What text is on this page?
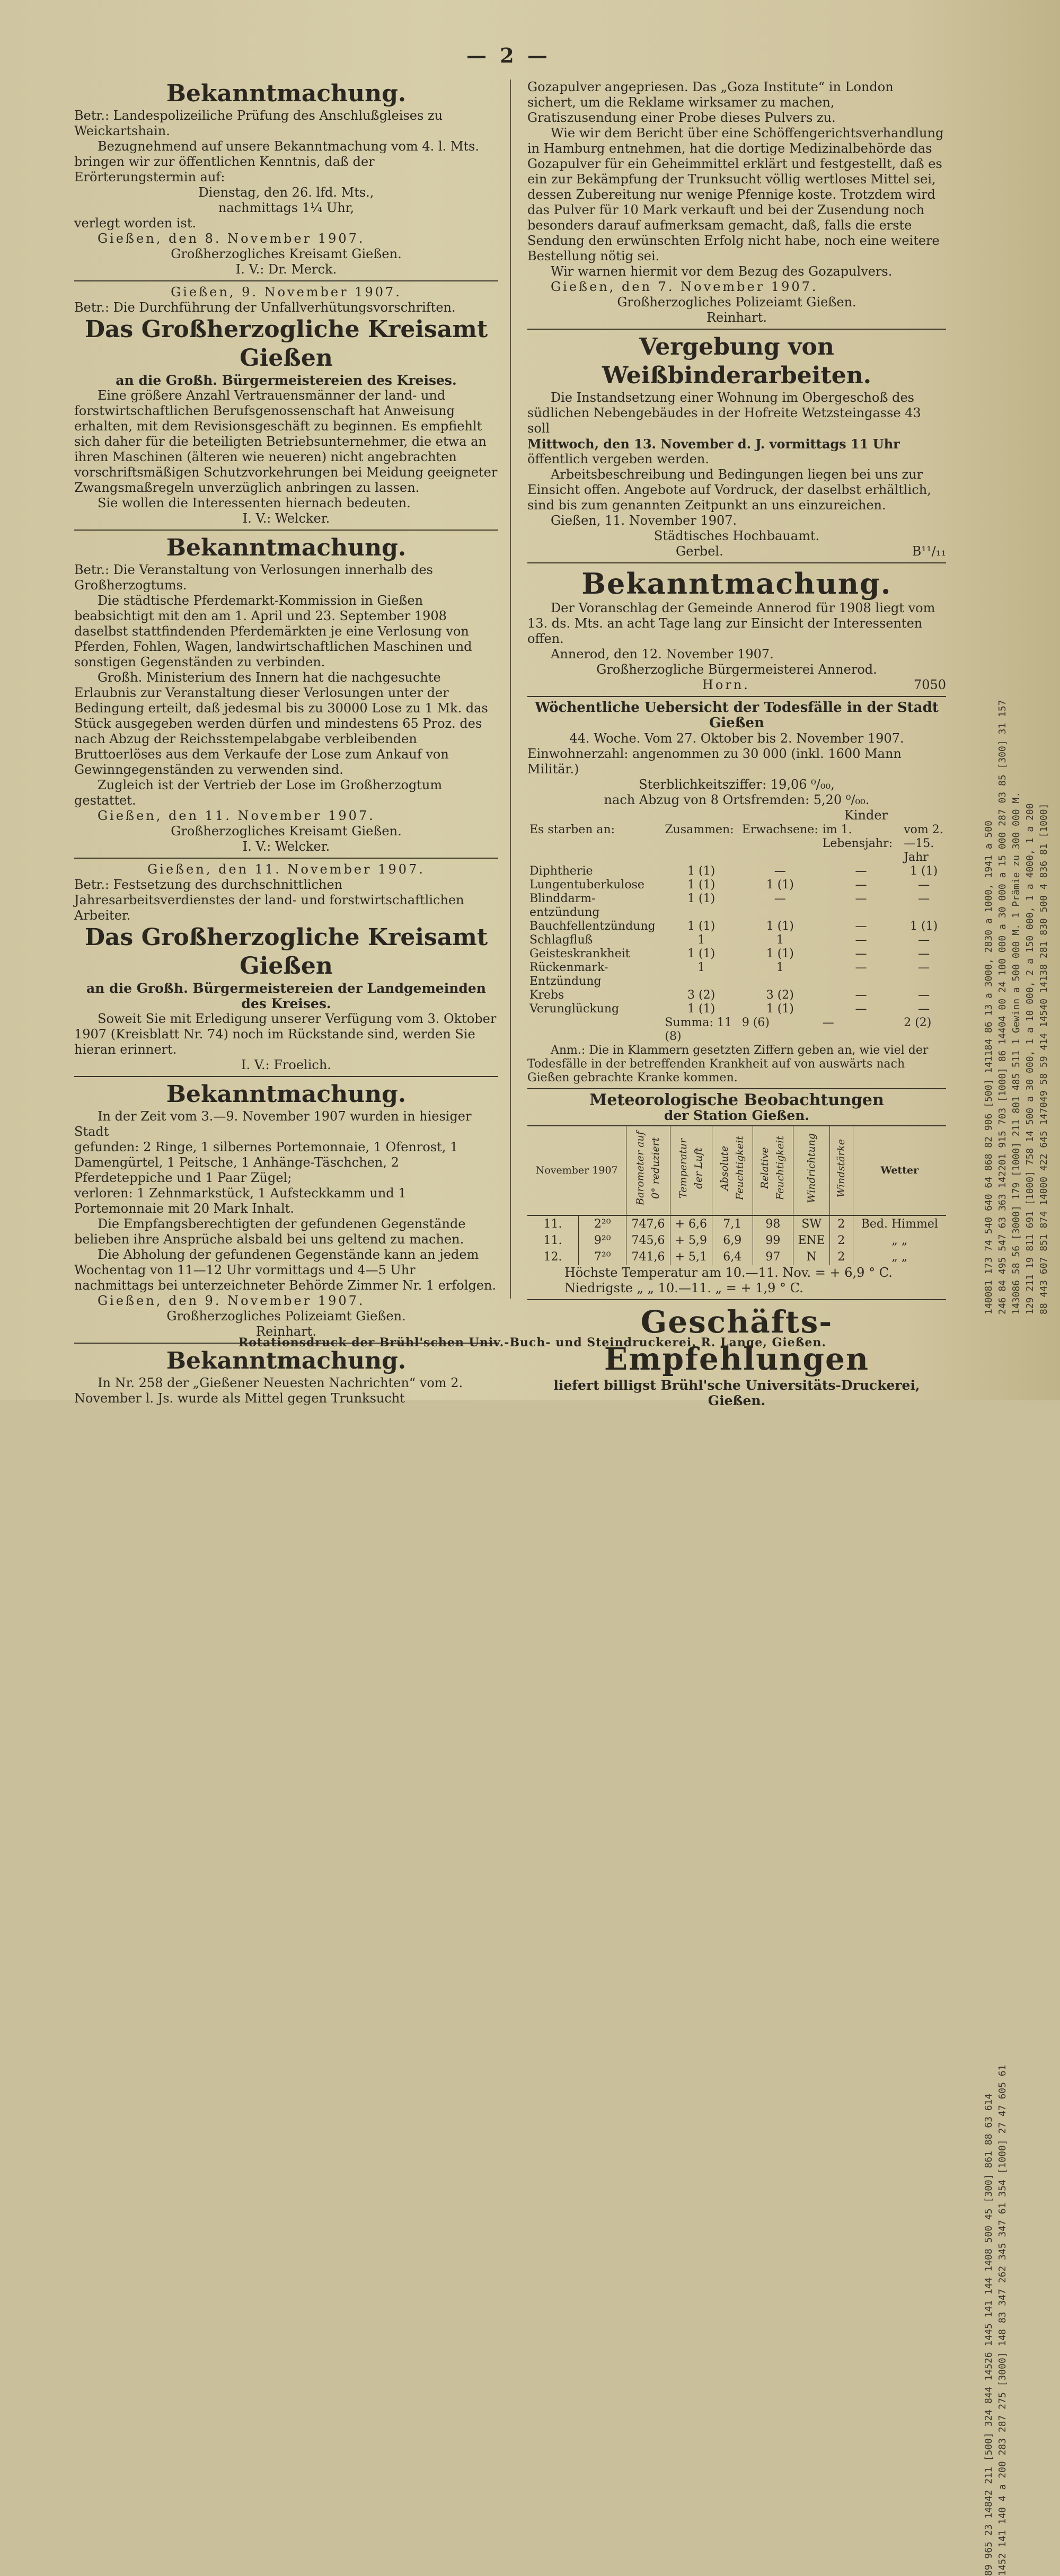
— 2 —
Bekanntmachung.

Betr.: Landespolizeiliche Prüfung des Anschlußgleises zu Weickartshain.

Bezugnehmend auf unsere Bekanntmachung vom 4. l. Mts. bringen wir zur öffentlichen Kenntnis, daß der Erörterungstermin auf:

Dienstag, den 26. lfd. Mts.,

nachmittags 1¼ Uhr,

verlegt worden ist.

Gießen, den 8. November 1907.

Großherzogliches Kreisamt Gießen.

I. V.: Dr. Merck.

Gießen, 9. November 1907.

Betr.: Die Durchführung der Unfallverhütungsvorschriften.

Das Großherzogliche Kreisamt Gießen
an die Großh. Bürgermeistereien des Kreises.

Eine größere Anzahl Vertrauensmänner der land- und forstwirtschaftlichen Berufsgenossenschaft hat Anweisung erhalten, mit dem Revisionsgeschäft zu beginnen. Es empfiehlt sich daher für die beteiligten Betriebsunternehmer, die etwa an ihren Maschinen (älteren wie neueren) nicht angebrachten vorschriftsmäßigen Schutzvorkehrungen bei Meidung geeigneter Zwangsmaßregeln unverzüglich anbringen zu lassen.

Sie wollen die Interessenten hiernach bedeuten.

I. V.: Welcker.

Bekanntmachung.

Betr.: Die Veranstaltung von Verlosungen innerhalb des Großherzogtums.

Die städtische Pferdemarkt-Kommission in Gießen beabsichtigt mit den am 1. April und 23. September 1908 daselbst stattfindenden Pferdemärkten je eine Verlosung von Pferden, Fohlen, Wagen, landwirtschaftlichen Maschinen und sonstigen Gegenständen zu verbinden.

Großh. Ministerium des Innern hat die nachgesuchte Erlaubnis zur Veranstaltung dieser Verlosungen unter der Bedingung erteilt, daß jedesmal bis zu 30000 Lose zu 1 Mk. das Stück ausgegeben werden dürfen und mindestens 65 Proz. des nach Abzug der Reichsstempelabgabe verbleibenden Bruttoerlöses aus dem Verkaufe der Lose zum Ankauf von Gewinngegenständen zu verwenden sind.

Zugleich ist der Vertrieb der Lose im Großherzogtum gestattet.

Gießen, den 11. November 1907.

Großherzogliches Kreisamt Gießen.

I. V.: Welcker.

Gießen, den 11. November 1907.

Betr.: Festsetzung des durchschnittlichen Jahresarbeitsverdienstes der land- und forstwirtschaftlichen Arbeiter.

Das Großherzogliche Kreisamt Gießen
an die Großh. Bürgermeistereien der Landgemeinden des Kreises.

Soweit Sie mit Erledigung unserer Verfügung vom 3. Oktober 1907 (Kreisblatt Nr. 74) noch im Rückstande sind, werden Sie hieran erinnert.

I. V.: Froelich.

Bekanntmachung.

In der Zeit vom 3.—9. November 1907 wurden in hiesiger Stadt

gefunden: 2 Ringe, 1 silbernes Portemonnaie, 1 Ofenrost, 1 Damengürtel, 1 Peitsche, 1 Anhänge-Täschchen, 2 Pferdeteppiche und 1 Paar Zügel;

verloren: 1 Zehnmarkstück, 1 Aufsteckkamm und 1 Portemonnaie mit 20 Mark Inhalt.

Die Empfangsberechtigten der gefundenen Gegenstände belieben ihre Ansprüche alsbald bei uns geltend zu machen.

Die Abholung der gefundenen Gegenstände kann an jedem Wochentag von 11—12 Uhr vormittags und 4—5 Uhr nachmittags bei unterzeichneter Behörde Zimmer Nr. 1 erfolgen.

Gießen, den 9. November 1907.

Großherzogliches Polizeiamt Gießen.

Reinhart.

Bekanntmachung.

In Nr. 258 der „Gießener Neuesten Nachrichten“ vom 2. November l. Js. wurde als Mittel gegen Trunksucht

Gozapulver angepriesen. Das „Goza Institute“ in London sichert, um die Reklame wirksamer zu machen, Gratiszusendung einer Probe dieses Pulvers zu.

Wie wir dem Bericht über eine Schöffengerichtsverhandlung in Hamburg entnehmen, hat die dortige Medizinalbehörde das Gozapulver für ein Geheimmittel erklärt und festgestellt, daß es ein zur Bekämpfung der Trunksucht völlig wertloses Mittel sei, dessen Zubereitung nur wenige Pfennige koste. Trotzdem wird das Pulver für 10 Mark verkauft und bei der Zusendung noch besonders darauf aufmerksam gemacht, daß, falls die erste Sendung den erwünschten Erfolg nicht habe, noch eine weitere Bestellung nötig sei.

Wir warnen hiermit vor dem Bezug des Gozapulvers.

Gießen, den 7. November 1907.

Großherzogliches Polizeiamt Gießen.

Reinhart.

Vergebung von Weißbinderarbeiten.

Die Instandsetzung einer Wohnung im Obergeschoß des südlichen Nebengebäudes in der Hofreite Wetzsteingasse 43 soll

Mittwoch, den 13. November d. J. vormittags 11 Uhr

öffentlich vergeben werden.

Arbeitsbeschreibung und Bedingungen liegen bei uns zur Einsicht offen. Angebote auf Vordruck, der daselbst erhältlich, sind bis zum genannten Zeitpunkt an uns einzureichen.

Gießen, 11. November 1907.

Städtisches Hochbauamt.

Gerbel.	B¹¹/₁₁
Bekanntmachung.

Der Voranschlag der Gemeinde Annerod für 1908 liegt vom 13. ds. Mts. an acht Tage lang zur Einsicht der Interessenten offen.

Annerod, den 12. November 1907.

Großherzogliche Bürgermeisterei Annerod.

Horn.	7050
Wöchentliche Uebersicht der Todesfälle in der Stadt Gießen

44. Woche. Vom 27. Oktober bis 2. November 1907.

Einwohnerzahl: angenommen zu 30 000 (inkl. 1600 Mann Militär.)

Sterblichkeitsziffer: 19,06 ⁰/₀₀,

nach Abzug von 8 Ortsfremden: 5,20 ⁰/₀₀.

Kinder

Es starben an:	Zusammen:	Erwachsene:	im 1. Lebensjahr:	vom 2.—15. Jahr
Diphtherie	1 (1)	—	—	1 (1)
Lungentuberkulose	1 (1)	1 (1)	—	—
Blinddarm-entzündung	1 (1)	—	—	—
Bauchfellentzündung	1 (1)	1 (1)	—	1 (1)
Schlagfluß	1	1	—	—
Geisteskrankheit	1 (1)	1 (1)	—	—
Rückenmark-Entzündung	1	1	—	—
Krebs	3 (2)	3 (2)	—	—
Verunglückung	1 (1)	1 (1)	—	—
	Summa: 11 (8)	9 (6)	—	2 (2)

Anm.: Die in Klammern gesetzten Ziffern geben an, wie viel der Todesfälle in der betreffenden Krankheit auf von auswärts nach Gießen gebrachte Kranke kommen.

Meteorologische Beobachtungen
der Station Gießen.
November 1907		Barometer auf 0° reduziert	Temperatur der Luft	Absolute Feuchtigkeit	Relative Feuchtigkeit	Windrichtung	Windstärke	Wetter
11.	2²⁰	747,6	+ 6,6	7,1	98	SW	2	Bed. Himmel
11.	9²⁰	745,6	+ 5,9	6,9	99	ENE	2	„ „
12.	7²⁰	741,6	+ 5,1	6,4	97	N	2	„ „

Höchste Temperatur am 10.—11. Nov. = + 6,9 ° C.

Niedrigste „ „ 10.—11. „ = + 1,9 ° C.

Geschäfts-Empfehlungen

liefert billigst Brühl'sche Universitäts-Druckerei, Gießen.

Rotationsdruck der Brühl'schen Univ.-Buch- und Steindruckerei. R. Lange, Gießen.
140081 173 74 540 640 64 868 82 906 [500] 141184 86 13 a 3000, 2830 a 1000, 1941 a 500 246 84 495 547 63 363 142201 915 703 [1000] 86 14404 00 24 100 000 a 30 000 a 15 000 287 03 85 [300] 31 157 143086 58 56 [3000] 179 [1000] 211 801 485 511 1 Gewinn a 500 000 M. 1 Prämie zu 300 000 M. 129 211 19 811 691 [1000] 758 14 500 a 30 000, 1 a 10 000, 2 a 150 000, 1 a 4000, 1 a 200 88 443 607 851 874 14000 422 645 147049 58 59 414 14540 14138 281 830 500 4 836 81 [1000]
89 965 23 14842 211 [500] 324 844 14526 1445 141 144 1408 500 45 [300] 861 88 63 614 1452 141 140 4 a 200 283 287 275 [3000] 148 83 347 262 345 347 61 354 [1000] 27 47 605 61
